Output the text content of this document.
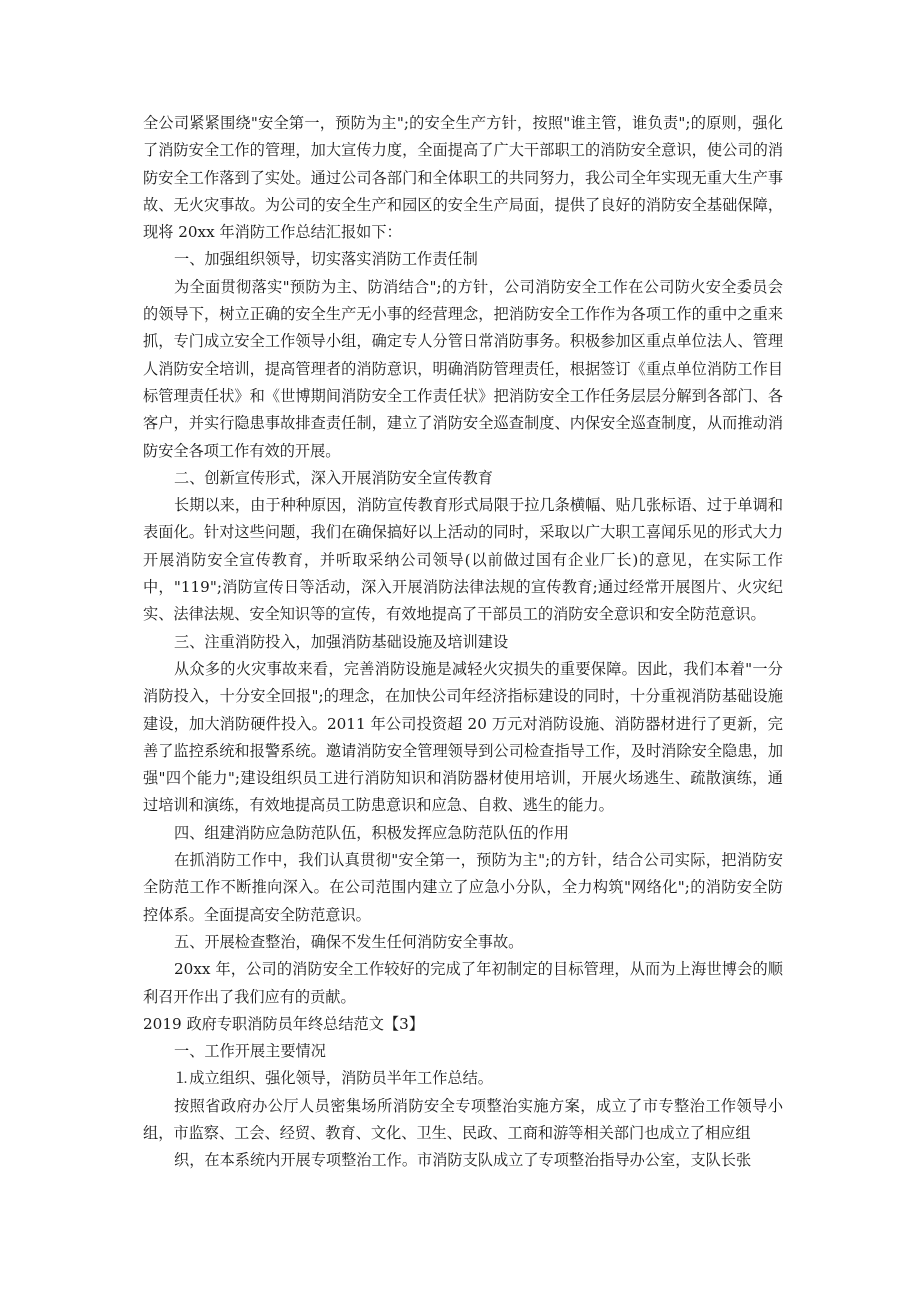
全公司紧紧围绕"安全第一，预防为主";的安全生产方针，按照"谁主管，谁负责";的原则，强化了消防安全工作的管理，加大宣传力度，全面提高了广大干部职工的消防安全意识，使公司的消防安全工作落到了实处。通过公司各部门和全体职工的共同努力，我公司全年实现无重大生产事故、无火灾事故。为公司的安全生产和园区的安全生产局面，提供了良好的消防安全基础保障，现将 20xx 年消防工作总结汇报如下：

一、加强组织领导，切实落实消防工作责任制

为全面贯彻落实"预防为主、防消结合";的方针，公司消防安全工作在公司防火安全委员会的领导下，树立正确的安全生产无小事的经营理念，把消防安全工作作为各项工作的重中之重来抓，专门成立安全工作领导小组，确定专人分管日常消防事务。积极参加区重点单位法人、管理人消防安全培训，提高管理者的消防意识，明确消防管理责任，根据签订《重点单位消防工作目标管理责任状》和《世博期间消防安全工作责任状》把消防安全工作任务层层分解到各部门、各客户，并实行隐患事故排查责任制，建立了消防安全巡查制度、内保安全巡查制度，从而推动消防安全各项工作有效的开展。

二、创新宣传形式，深入开展消防安全宣传教育

长期以来，由于种种原因，消防宣传教育形式局限于拉几条横幅、贴几张标语、过于单调和表面化。针对这些问题，我们在确保搞好以上活动的同时，采取以广大职工喜闻乐见的形式大力开展消防安全宣传教育，并听取采纳公司领导(以前做过国有企业厂长)的意见，在实际工作中，"119";消防宣传日等活动，深入开展消防法律法规的宣传教育;通过经常开展图片、火灾纪实、法律法规、安全知识等的宣传，有效地提高了干部员工的消防安全意识和安全防范意识。

三、注重消防投入，加强消防基础设施及培训建设

从众多的火灾事故来看，完善消防设施是减轻火灾损失的重要保障。因此，我们本着"一分消防投入，十分安全回报";的理念，在加快公司年经济指标建设的同时，十分重视消防基础设施建设，加大消防硬件投入。2011 年公司投资超 20 万元对消防设施、消防器材进行了更新，完善了监控系统和报警系统。邀请消防安全管理领导到公司检查指导工作，及时消除安全隐患，加强"四个能力";建设组织员工进行消防知识和消防器材使用培训，开展火场逃生、疏散演练，通过培训和演练，有效地提高员工防患意识和应急、自救、逃生的能力。

四、组建消防应急防范队伍，积极发挥应急防范队伍的作用

在抓消防工作中，我们认真贯彻"安全第一，预防为主";的方针，结合公司实际，把消防安全防范工作不断推向深入。在公司范围内建立了应急小分队，全力构筑"网络化";的消防安全防控体系。全面提高安全防范意识。

五、开展检查整治，确保不发生任何消防安全事故。

20xx 年，公司的消防安全工作较好的完成了年初制定的目标管理，从而为上海世博会的顺利召开作出了我们应有的贡献。

2019 政府专职消防员年终总结范文【3】

一、工作开展主要情况

⒈成立组织、强化领导，消防员半年工作总结。

按照省政府办公厅人员密集场所消防安全专项整治实施方案，成立了市专整治工作领导小组，市监察、工会、经贸、教育、文化、卫生、民政、工商和游等相关部门也成立了相应组

织，在本系统内开展专项整治工作。市消防支队成立了专项整治指导办公室，支队长张
